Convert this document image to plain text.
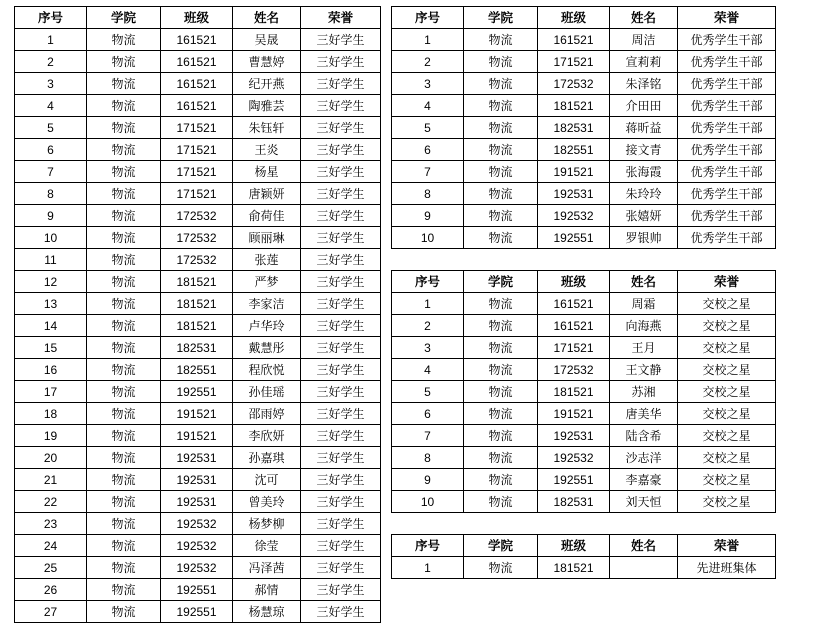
序号	学院	班级	姓名	荣誉
1	物流	161521	吴晟	三好学生
2	物流	161521	曹慧婷	三好学生
3	物流	161521	纪开燕	三好学生
4	物流	161521	陶雅芸	三好学生
5	物流	171521	朱钰轩	三好学生
6	物流	171521	王炎	三好学生
7	物流	171521	杨星	三好学生
8	物流	171521	唐颖妍	三好学生
9	物流	172532	俞荷佳	三好学生
10	物流	172532	顾丽琳	三好学生
11	物流	172532	张莲	三好学生
12	物流	181521	严梦	三好学生
13	物流	181521	李家洁	三好学生
14	物流	181521	卢华玲	三好学生
15	物流	182531	戴慧彤	三好学生
16	物流	182551	程欣悦	三好学生
17	物流	192551	孙佳瑶	三好学生
18	物流	191521	邵雨婷	三好学生
19	物流	191521	李欣妍	三好学生
20	物流	192531	孙嘉琪	三好学生
21	物流	192531	沈可	三好学生
22	物流	192531	曾美玲	三好学生
23	物流	192532	杨梦柳	三好学生
24	物流	192532	徐莹	三好学生
25	物流	192532	冯泽茜	三好学生
26	物流	192551	郝情	三好学生
27	物流	192551	杨慧琼	三好学生
序号	学院	班级	姓名	荣誉
1	物流	161521	周洁	优秀学生干部
2	物流	171521	宣莉莉	优秀学生干部
3	物流	172532	朱泽铭	优秀学生干部
4	物流	181521	介田田	优秀学生干部
5	物流	182531	蒋昕益	优秀学生干部
6	物流	182551	接文青	优秀学生干部
7	物流	191521	张海霞	优秀学生干部
8	物流	192531	朱玲玲	优秀学生干部
9	物流	192532	张嬉妍	优秀学生干部
10	物流	192551	罗银帅	优秀学生干部
序号	学院	班级	姓名	荣誉
1	物流	161521	周霜	交校之星
2	物流	161521	向海燕	交校之星
3	物流	171521	王月	交校之星
4	物流	172532	王文静	交校之星
5	物流	181521	苏湘	交校之星
6	物流	191521	唐美华	交校之星
7	物流	192531	陆含希	交校之星
8	物流	192532	沙志洋	交校之星
9	物流	192551	李嘉豪	交校之星
10	物流	182531	刘天恒	交校之星
序号	学院	班级	姓名	荣誉
1	物流	181521		先进班集体
